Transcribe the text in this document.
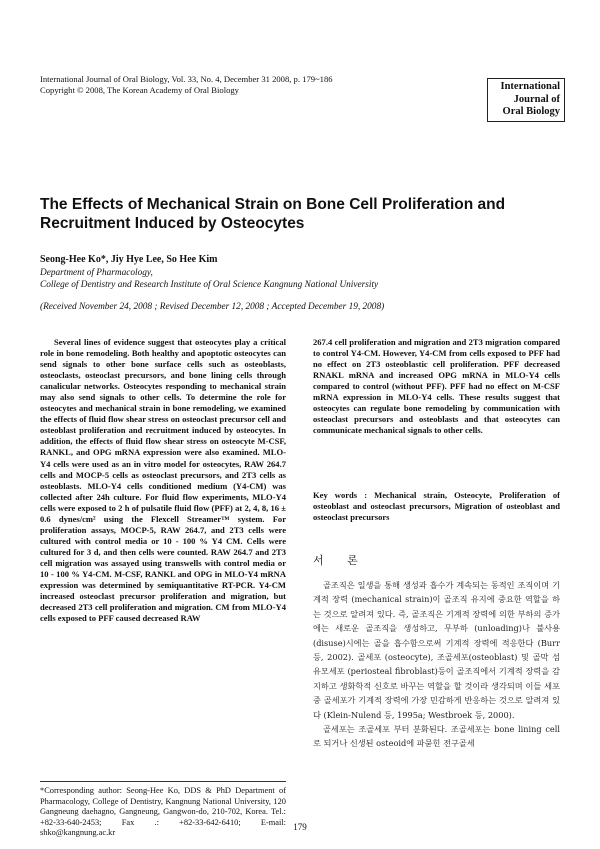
International Journal of Oral Biology, Vol. 33, No. 4, December 31 2008, p. 179~186
Copyright © 2008, The Korean Academy of Oral Biology	International
Journal of
Oral Biology
The Effects of Mechanical Strain on Bone Cell Proliferation and Recruitment Induced by Osteocytes
Seong-Hee Ko*, Jiy Hye Lee, So Hee Kim
Department of Pharmacology,
College of Dentistry and Research Institute of Oral Science Kangnung National University
(Received November 24, 2008 ; Revised December 12, 2008 ; Accepted December 19, 2008)

Several lines of evidence suggest that osteocytes play a critical role in bone remodeling. Both healthy and apoptotic osteocytes can send signals to other bone surface cells such as osteoblasts, osteoclasts, osteoclast precursors, and bone lining cells through canalicular networks. Osteocytes responding to mechanical strain may also send signals to other cells. To determine the role for osteocytes and mechanical strain in bone remodeling, we examined the effects of fluid flow shear stress on osteoclast precursor cell and osteoblast proliferation and recruitment induced by osteocytes. In addition, the effects of fluid flow shear stress on osteocyte M-CSF, RANKL, and OPG mRNA expression were also examined. MLO-Y4 cells were used as an in vitro model for osteocytes, RAW 264.7 cells and MOCP-5 cells as osteoclast precursors, and 2T3 cells as osteoblasts. MLO-Y4 cells conditioned medium (Y4-CM) was collected after 24h culture. For fluid flow experiments, MLO-Y4 cells were exposed to 2 h of pulsatile fluid flow (PFF) at 2, 4, 8, 16 ± 0.6 dynes/cm² using the Flexcell Streamer™ system. For proliferation assays, MOCP-5, RAW 264.7, and 2T3 cells were cultured with control media or 10 - 100 % Y4 CM. Cells were cultured for 3 d, and then cells were counted. RAW 264.7 and 2T3 cell migration was assayed using transwells with control media or 10 - 100 % Y4-CM. M-CSF, RANKL and OPG in MLO-Y4 mRNA expression was determined by semiquantitative RT-PCR. Y4-CM increased osteoclast precursor proliferation and migration, but decreased 2T3 cell proliferation and migration. CM from MLO-Y4 cells exposed to PFF caused decreased RAW

267.4 cell proliferation and migration and 2T3 migration compared to control Y4-CM. However, Y4-CM from cells exposed to PFF had no effect on 2T3 osteoblastic cell proliferation. PFF decreased RNAKL mRNA and increased OPG mRNA in MLO-Y4 cells compared to control (without PFF). PFF had no effect on M-CSF mRNA expression in MLO-Y4 cells. These results suggest that osteocytes can regulate bone remodeling by communication with osteoclast precursors and osteoblasts and that osteocytes can communicate mechanical signals to other cells.

Key words : Mechanical strain, Osteocyte, Proliferation of osteoblast and osteoclast precursors, Migration of osteoblast and osteoclast precursors

서 론

골조직은 일생을 통해 생성과 흡수가 계속되는 동적인 조직이며 기계적 장력 (mechanical strain)이 골조직 유지에 중요한 역할을 하는 것으로 알려져 있다. 즉, 골조직은 기계적 장력에 의한 부하의 증가에는 새로운 골조직을 생성하고, 무부하 (unloading)나 불사용 (disuse)시에는 골을 흡수함으로써 기계적 장력에 적응한다 (Burr 등, 2002). 골세포 (osteocyte), 조골세포(osteoblast) 및 골막 섬유모세포 (periosteal fibroblast)등이 골조직에서 기계적 장력을 감지하고 생화학적 신호로 바꾸는 역할을 할 것이라 생각되며 이들 세포 중 골세포가 기계적 장력에 가장 민감하게 반응하는 것으로 알려져 있다 (Klein-Nulend 등, 1995a; Westbroek 등, 2000).

골세포는 조골세포 부터 분화된다. 조골세포는 bone lining cell로 되거나 신생된 osteoid에 파묻힌 전구골세

*Corresponding author: Seong-Hee Ko, DDS & PhD Department of Pharmacology, College of Dentistry, Kangnung National University, 120 Gangneung daehagno, Gangneung, Gangwon-do, 210-702, Korea. Tel.: +82-33-640-2453; Fax .: +82-33-642-6410; E-mail: shko@kangnung.ac.kr
179
